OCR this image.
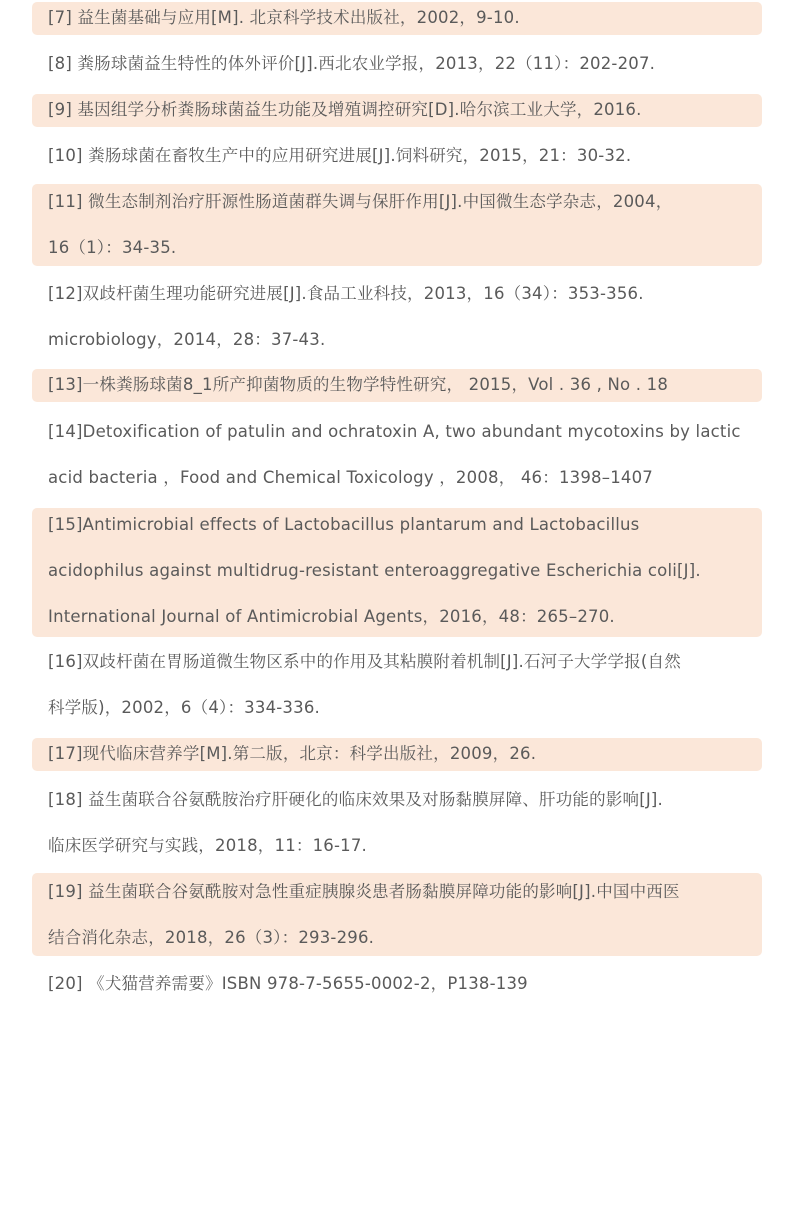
[7] 益生菌基础与应用[M]. 北京科学技术出版社，2002，9-10.
[8] 粪肠球菌益生特性的体外评价[J].西北农业学报，2013，22（11）：202-207.
[9] 基因组学分析粪肠球菌益生功能及增殖调控研究[D].哈尔滨工业大学，2016.
[10] 粪肠球菌在畜牧生产中的应用研究进展[J].饲料研究，2015，21：30-32.
[11] 微生态制剂治疗肝源性肠道菌群失调与保肝作用[J].中国微生态学杂志，2004，
16（1）：34-35.
[12]双歧杆菌生理功能研究进展[J].食品工业科技，2013，16（34）：353-356.
microbiology，2014，28：37-43.
[13]一株粪肠球菌8_1所产抑菌物质的生物学特性研究， 2015，Vol . 36 , No . 18
[14]Detoxification of patulin and ochratoxin A, two abundant mycotoxins by lactic
acid bacteria ，Food and Chemical Toxicology ，2008， 46：1398–1407
[15]Antimicrobial effects of Lactobacillus plantarum and Lactobacillus
acidophilus against multidrug-resistant enteroaggregative Escherichia coli[J].
International Journal of Antimicrobial Agents，2016，48：265–270.
[16]双歧杆菌在胃肠道微生物区系中的作用及其粘膜附着机制[J].石河子大学学报(自然
科学版)，2002，6（4）：334-336.
[17]现代临床营养学[M].第二版，北京：科学出版社，2009，26.
[18] 益生菌联合谷氨酰胺治疗肝硬化的临床效果及对肠黏膜屏障、肝功能的影响[J].
临床医学研究与实践，2018，11：16-17.
[19] 益生菌联合谷氨酰胺对急性重症胰腺炎患者肠黏膜屏障功能的影响[J].中国中西医
结合消化杂志，2018，26（3）：293-296.
[20] 《犬猫营养需要》ISBN 978-7-5655-0002-2，P138-139
